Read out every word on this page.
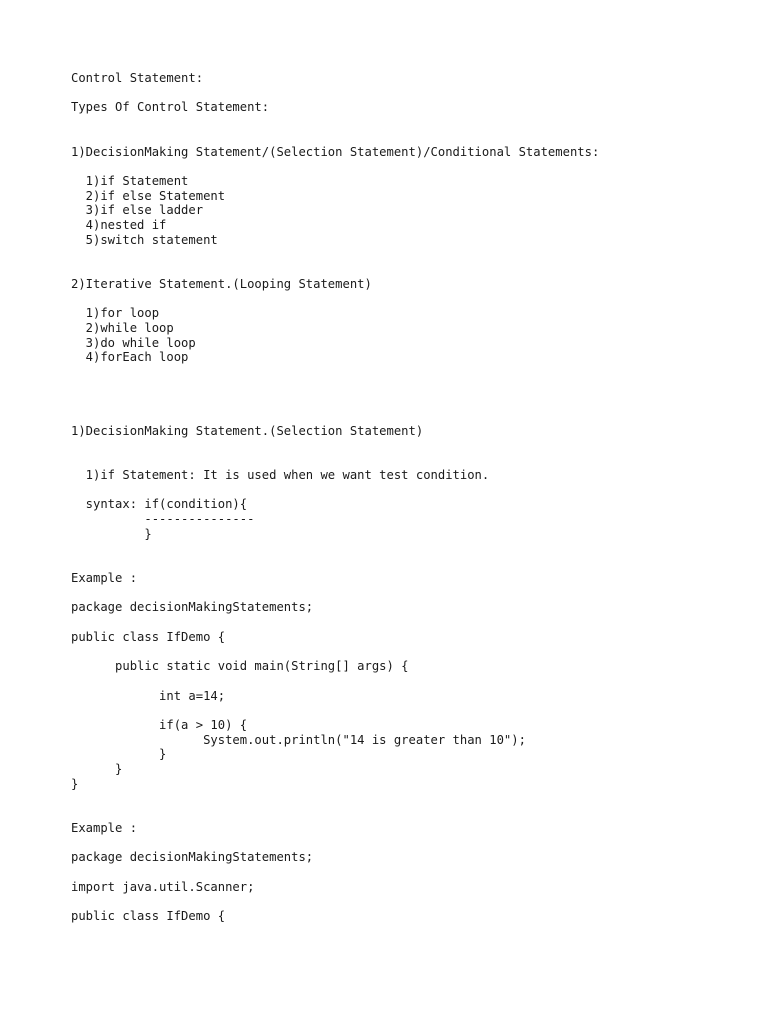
Control Statement:

Types Of Control Statement:

1)DecisionMaking Statement/(Selection Statement)/Conditional Statements:

1)if Statement
2)if else Statement
3)if else ladder
4)nested if
5)switch statement

2)Iterative Statement.(Looping Statement)

1)for loop
2)while loop
3)do while loop
4)forEach loop

1)DecisionMaking Statement.(Selection Statement)

1)if Statement: It is used when we want test condition.

syntax: if(condition){
---------------
}

Example :

package decisionMakingStatements;

public class IfDemo {

public static void main(String[] args) {

int a=14;

if(a > 10) {
System.out.println("14 is greater than 10");
}
}
}

Example :

package decisionMakingStatements;

import java.util.Scanner;

public class IfDemo {
